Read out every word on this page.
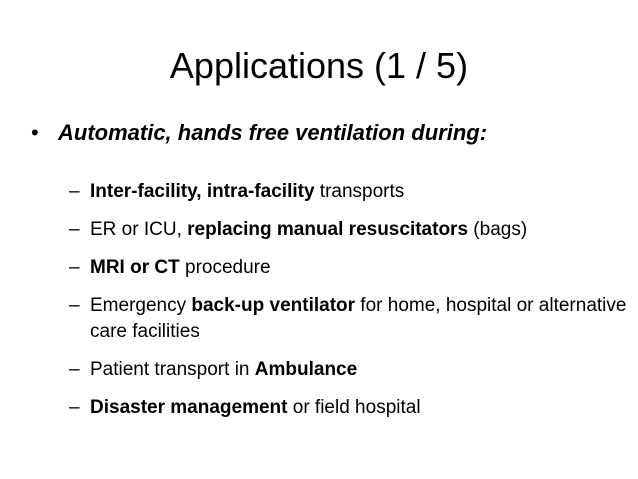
Applications (1 / 5)
• Automatic, hands free ventilation during:
– Inter-facility, intra-facility transports
– ER or ICU, replacing manual resuscitators (bags)
– MRI or CT procedure
– Emergency back-up ventilator for home, hospital or alternative care facilities
– Patient transport in Ambulance
– Disaster management or field hospital
